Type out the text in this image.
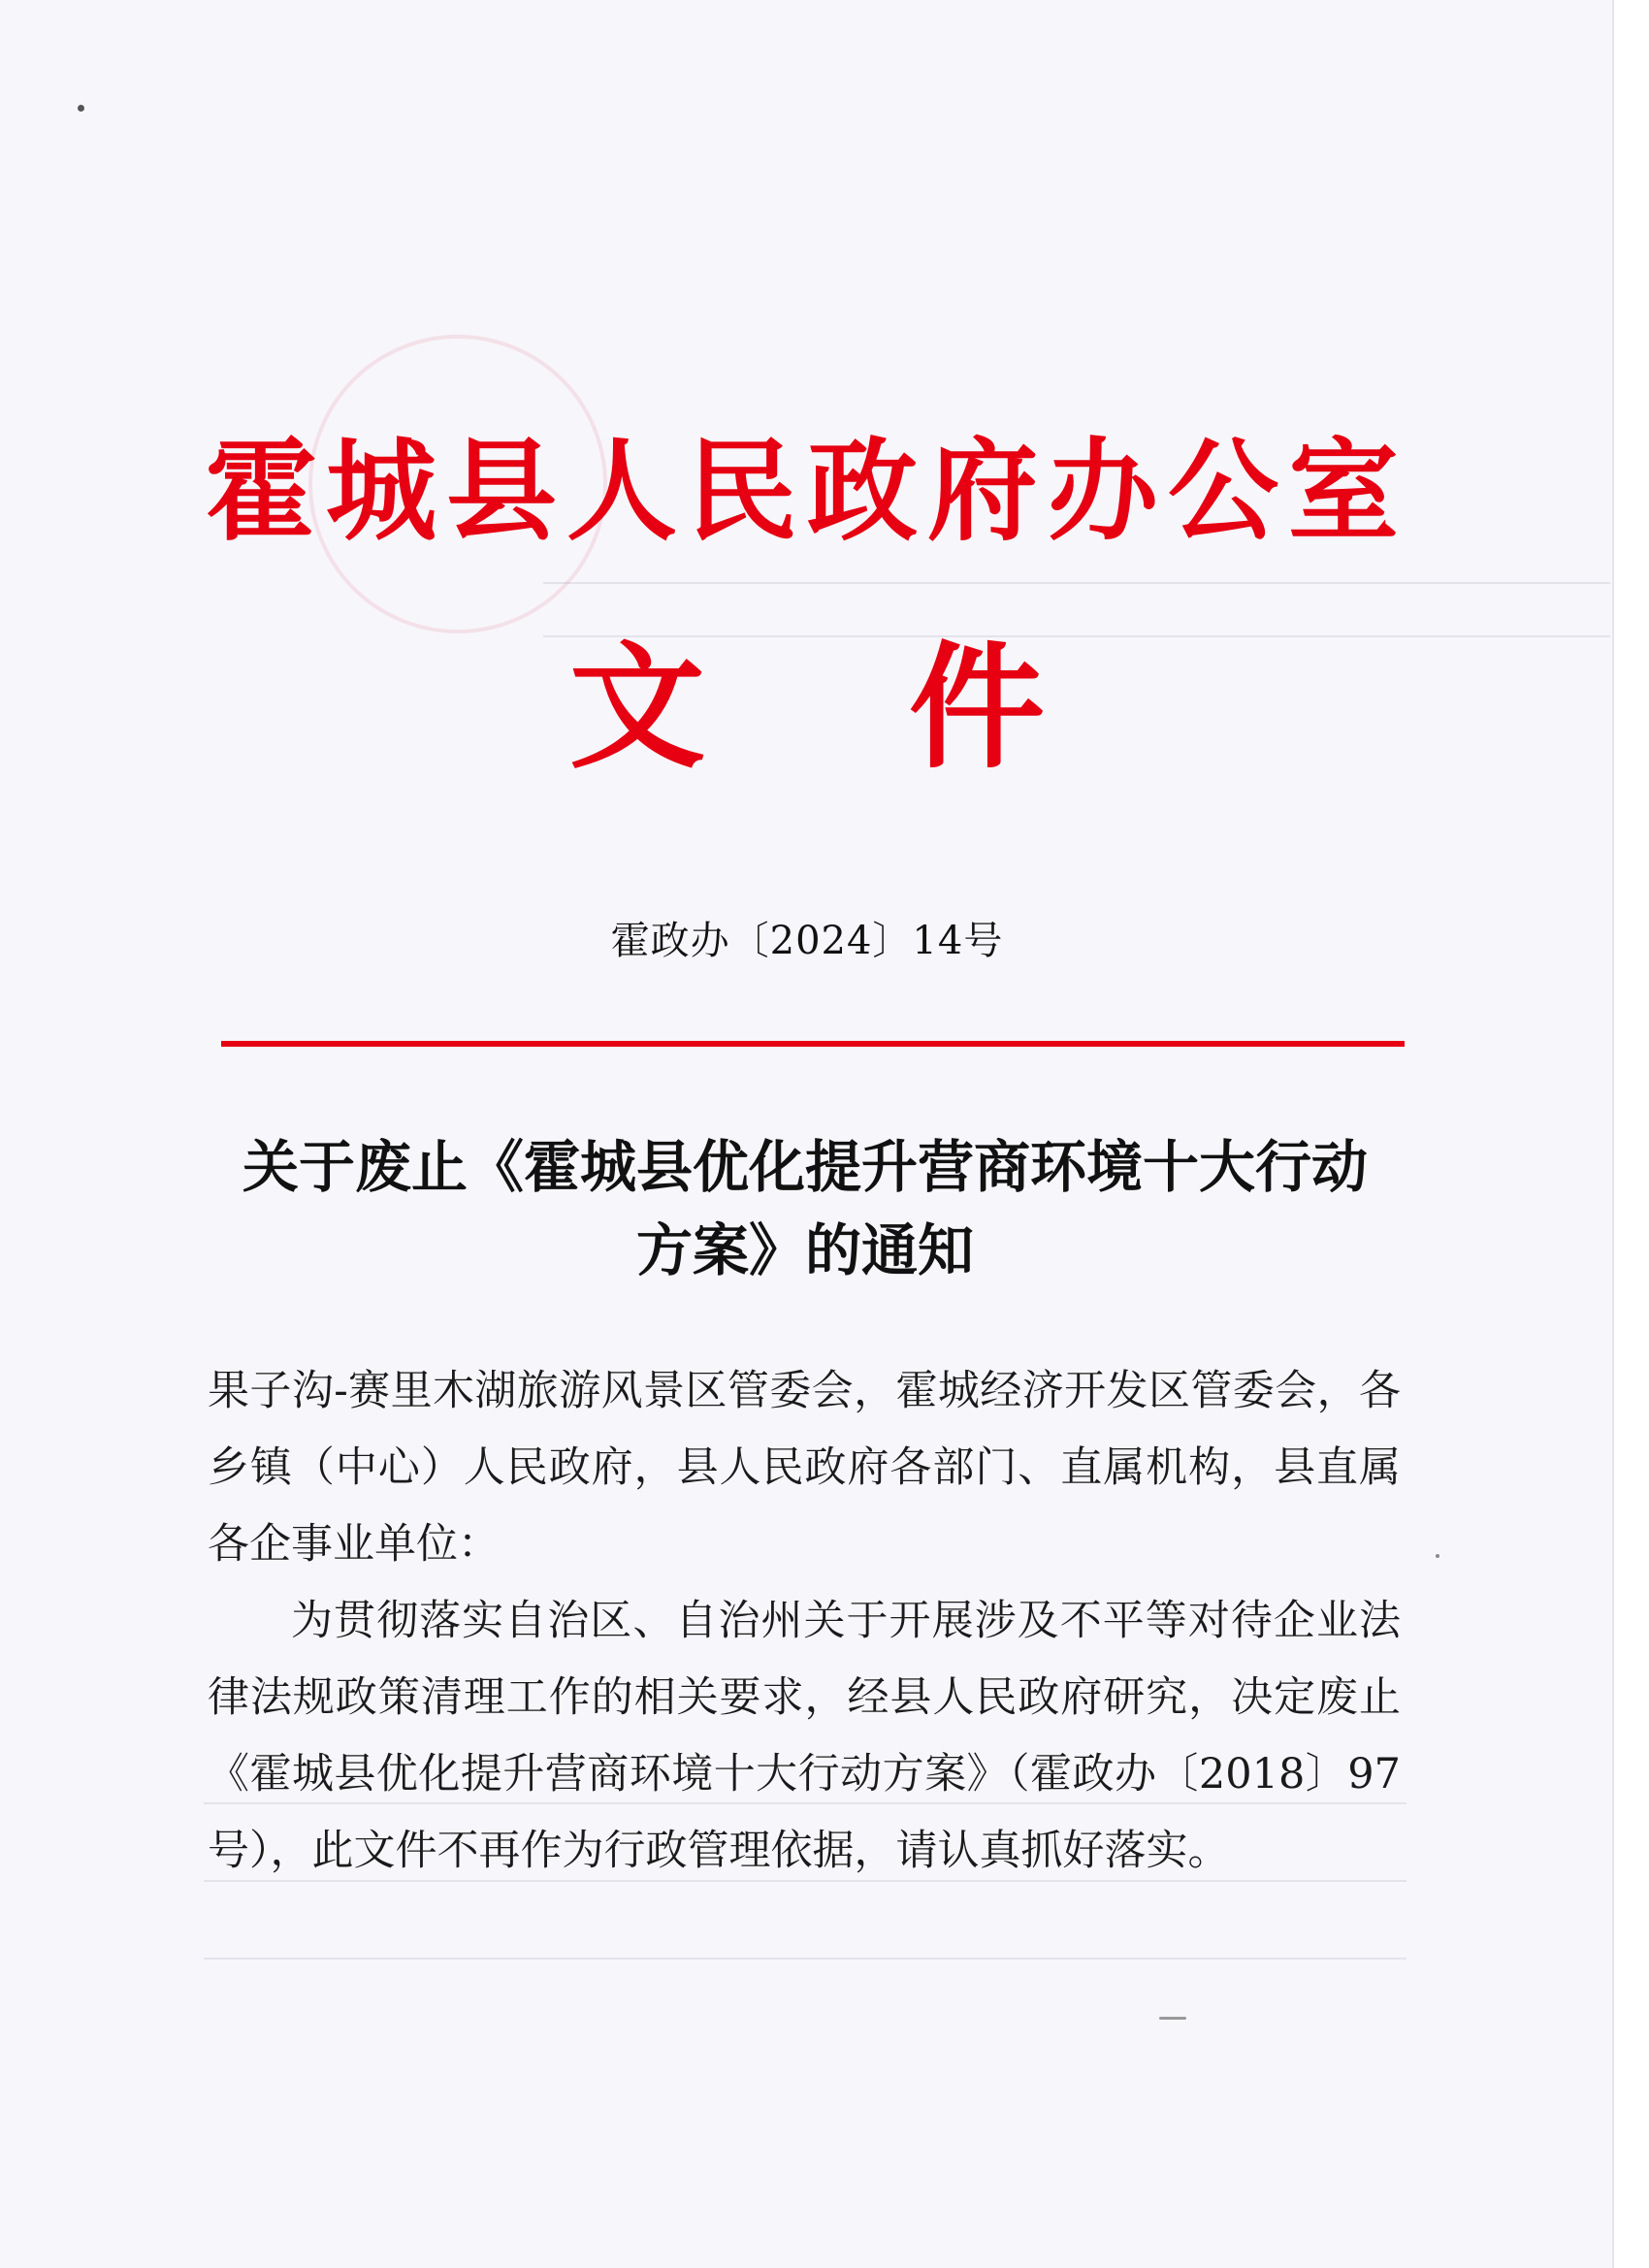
霍城县人民政府办公室
文件
霍政办〔2024〕14号
关于废止《霍城县优化提升营商环境十大行动
方案》的通知

果子沟-赛里木湖旅游风景区管委会，霍城经济开发区管委会，各乡镇（中心）人民政府，县人民政府各部门、直属机构，县直属各企事业单位：

为贯彻落实自治区、自治州关于开展涉及不平等对待企业法律法规政策清理工作的相关要求，经县人民政府研究，决定废止《霍城县优化提升营商环境十大行动方案》（霍政办〔2018〕97号），此文件不再作为行政管理依据，请认真抓好落实。
